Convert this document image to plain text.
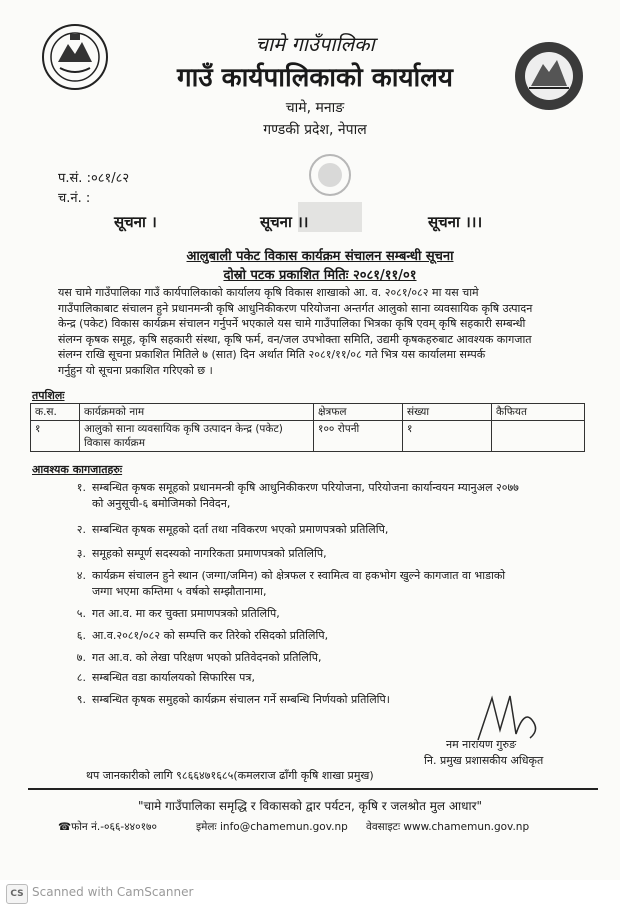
चामे गाउँपालिका
गाउँ कार्यपालिकाको कार्यालय
चामे, मनाङ
गण्डकी प्रदेश, नेपाल
प.सं. :०८१/८२
च.नं. :
सूचना ।	सूचना ।।	सूचना ।।।
आलुबाली पकेट विकास कार्यक्रम संचालन सम्बन्धी सूचना
दोस्रो पटक प्रकाशित मितिः २०८१/११/०१
यस चामे गाउँपालिका गाउँ कार्यपालिकाको कार्यालय कृषि विकास शाखाको आ. व. २०८१/०८२ मा यस चामे
गाउँपालिकाबाट संचालन हुने प्रधानमन्त्री कृषि आधुनिकीकरण परियोजना अन्तर्गत आलुको साना व्यवसायिक कृषि उत्पादन
केन्द्र (पकेट) विकास कार्यक्रम संचालन गर्नुपर्ने भएकाले यस चामे गाउँपालिका भित्रका कृषि एवम् कृषि सहकारी सम्बन्धी
संलग्न कृषक समूह, कृषि सहकारी संस्था, कृषि फर्म, वन/जल उपभोक्ता समिति, उद्यमी कृषकहरुबाट आवश्यक कागजात
संलग्न राखि सूचना प्रकाशित मितिले ७ (सात) दिन अर्थात मिति २०८१/११/०८ गते भित्र यस कार्यालमा सम्पर्क
गर्नुहुन यो सूचना प्रकाशित गरिएको छ ।
तपशिलः
क.स.	कार्यक्रमको नाम	क्षेत्रफल	संख्या	कैफियत
१	आलुको साना व्यवसायिक कृषि उत्पादन केन्द्र (पकेट) विकास कार्यक्रम	१०० रोपनी	१	
आवश्यक कागजातहरुः
१. सम्बन्धित कृषक समूहको प्रधानमन्त्री कृषि आधुनिकीकरण परियोजना, परियोजना कार्यान्वयन म्यानुअल २०७७
को अनुसूची-६ बमोजिमको निवेदन,
२. सम्बन्धित कृषक समूहको दर्ता तथा नविकरण भएको प्रमाणपत्रको प्रतिलिपि,
३. समूहको सम्पूर्ण सदस्यको नागरिकता प्रमाणपत्रको प्रतिलिपि,
४. कार्यक्रम संचालन हुने स्थान (जग्गा/जमिन) को क्षेत्रफल र स्वामित्व वा हकभोग खुल्ने कागजात वा भाडाको
जग्गा भएमा कम्तिमा ५ वर्षको सम्झौतानामा,
५. गत आ.व. मा कर चुक्ता प्रमाणपत्रको प्रतिलिपि,
६. आ.व.२०८१/०८२ को सम्पत्ति कर तिरेको रसिदको प्रतिलिपि,
७. गत आ.व. को लेखा परिक्षण भएको प्रतिवेदनको प्रतिलिपि,
८. सम्बन्धित वडा कार्यालयको सिफारिस पत्र,
९. सम्बन्धित कृषक समुहको कार्यक्रम संचालन गर्ने सम्बन्धि निर्णयको प्रतिलिपि।
नम नारायण गुरुङ
नि. प्रमुख प्रशासकीय अधिकृत
थप जानकारीको लागि ९८६६४७१६८५(कमलराज ढाँगी कृषि शाखा प्रमुख)
"चामे गाउँपालिका समृद्धि र विकासको द्वार पर्यटन, कृषि र जलश्रोत मुल आधार"
☎फोन नं.-०६६-४४०१७०	इमेलः info@chamemun.gov.np वेवसाइटः www.chamemun.gov.np
CS Scanned with CamScanner
